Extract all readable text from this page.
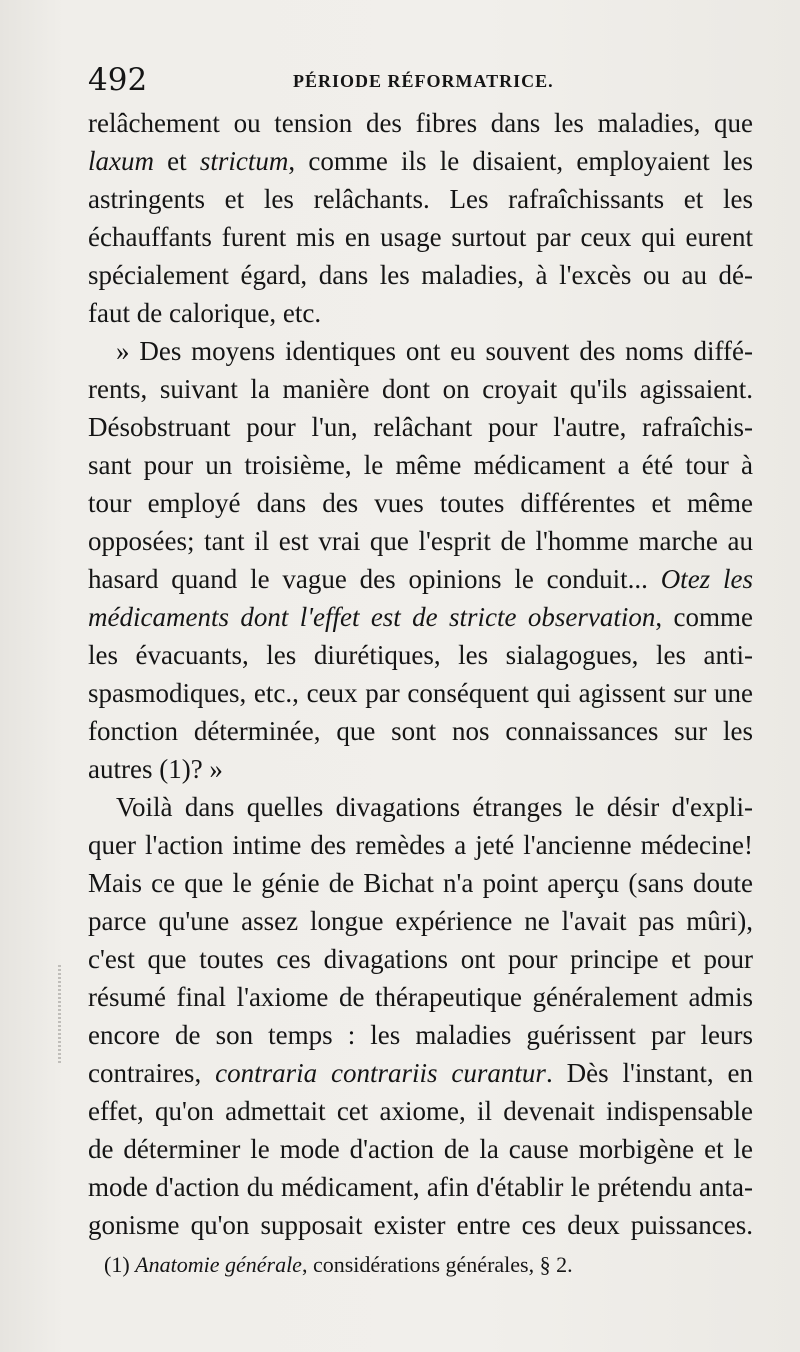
492	PÉRIODE RÉFORMATRICE.
relâchement ou tension des fibres dans les maladies, que
laxum et strictum, comme ils le disaient, employaient les
astringents et les relâchants. Les rafraîchissants et les
échauffants furent mis en usage surtout par ceux qui eurent
spécialement égard, dans les maladies, à l'excès ou au dé-
faut de calorique, etc.
» Des moyens identiques ont eu souvent des noms diffé-
rents, suivant la manière dont on croyait qu'ils agissaient.
Désobstruant pour l'un, relâchant pour l'autre, rafraîchis-
sant pour un troisième, le même médicament a été tour à
tour employé dans des vues toutes différentes et même
opposées; tant il est vrai que l'esprit de l'homme marche au
hasard quand le vague des opinions le conduit... Otez les
médicaments dont l'effet est de stricte observation, comme
les évacuants, les diurétiques, les sialagogues, les anti-
spasmodiques, etc., ceux par conséquent qui agissent sur une
fonction déterminée, que sont nos connaissances sur les
autres (1)? »
Voilà dans quelles divagations étranges le désir d'expli-
quer l'action intime des remèdes a jeté l'ancienne médecine!
Mais ce que le génie de Bichat n'a point aperçu (sans doute
parce qu'une assez longue expérience ne l'avait pas mûri),
c'est que toutes ces divagations ont pour principe et pour
résumé final l'axiome de thérapeutique généralement admis
encore de son temps : les maladies guérissent par leurs
contraires, contraria contrariis curantur. Dès l'instant, en
effet, qu'on admettait cet axiome, il devenait indispensable
de déterminer le mode d'action de la cause morbigène et le
mode d'action du médicament, afin d'établir le prétendu anta-
gonisme qu'on supposait exister entre ces deux puissances.
(1) Anatomie générale, considérations générales, § 2.
